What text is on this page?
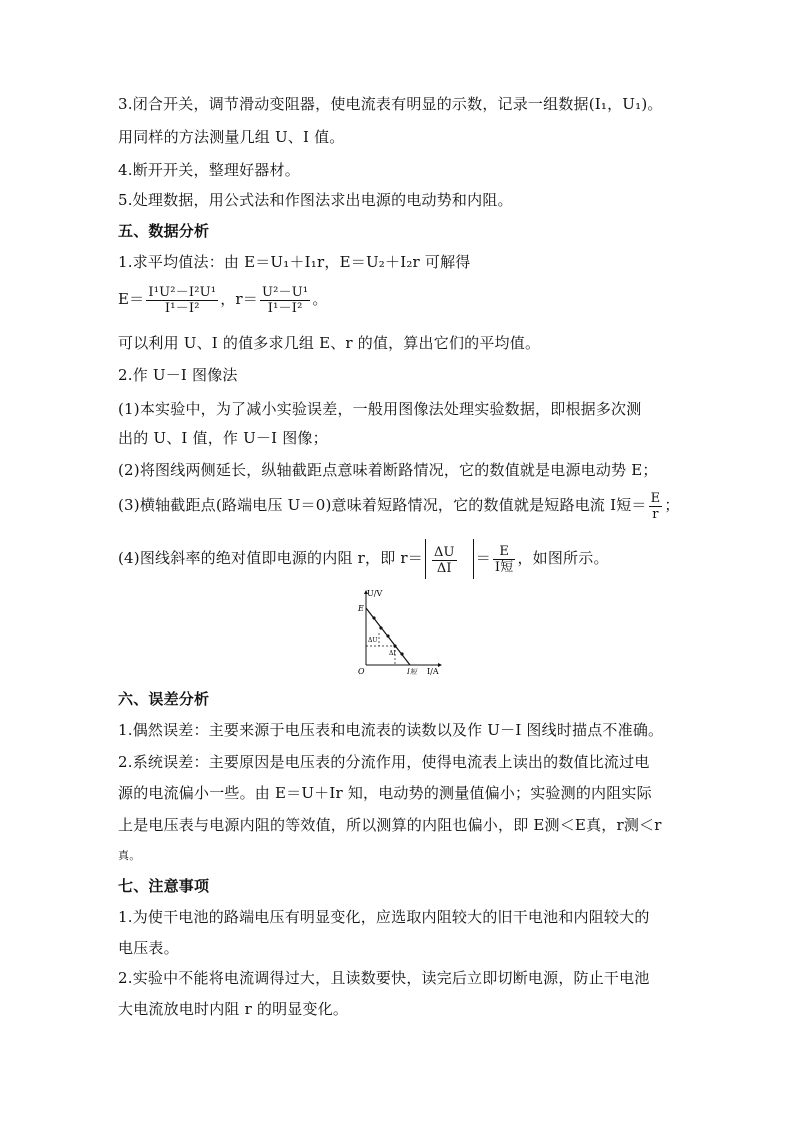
3.闭合开关，调节滑动变阻器，使电流表有明显的示数，记录一组数据(I₁，U₁)。
用同样的方法测量几组 U、I 值。
4.断开开关，整理好器材。
5.处理数据，用公式法和作图法求出电源的电动势和内阻。
五、数据分析
1.求平均值法：由 E＝U₁＋I₁r，E＝U₂＋I₂r 可解得
$E= \frac{\text{I¹U²－I²U¹}}{\text{I¹－I²}}$ ，$r= \frac{\text{U²－U¹}}{\text{I¹－I²}}$ 。
可以利用 U、I 的值多求几组 E、r 的值，算出它们的平均值。
2.作 U－I 图像法
(1)本实验中，为了减小实验误差，一般用图像法处理实验数据，即根据多次测
出的 U、I 值，作 U－I 图像；
(2)将图线两侧延长，纵轴截距点意味着断路情况，它的数值就是电源电动势 E；
(3)横轴截距点(路端电压 U＝0)意味着短路情况，它的数值就是短路电流 I短＝ $\frac{E}{r}$ ；
(4)图线斜率的绝对值即电源的内阻 r，即 $r= \frac{\Delta U}{\Delta I} = \frac{E}{\text{I短}}$ ，如图所示。
U/V
E
ΔU
ΔI
O	I短 I/A
六、误差分析
1.偶然误差：主要来源于电压表和电流表的读数以及作 U－I 图线时描点不准确。
2.系统误差：主要原因是电压表的分流作用，使得电流表上读出的数值比流过电
源的电流偏小一些。由 E＝U＋Ir 知，电动势的测量值偏小；实验测的内阻实际
上是电压表与电源内阻的等效值，所以测算的内阻也偏小，即 E测＜E真，r测＜r
真。
七、注意事项
1.为使干电池的路端电压有明显变化，应选取内阻较大的旧干电池和内阻较大的
电压表。
2.实验中不能将电流调得过大，且读数要快，读完后立即切断电源，防止干电池
大电流放电时内阻 r 的明显变化。
